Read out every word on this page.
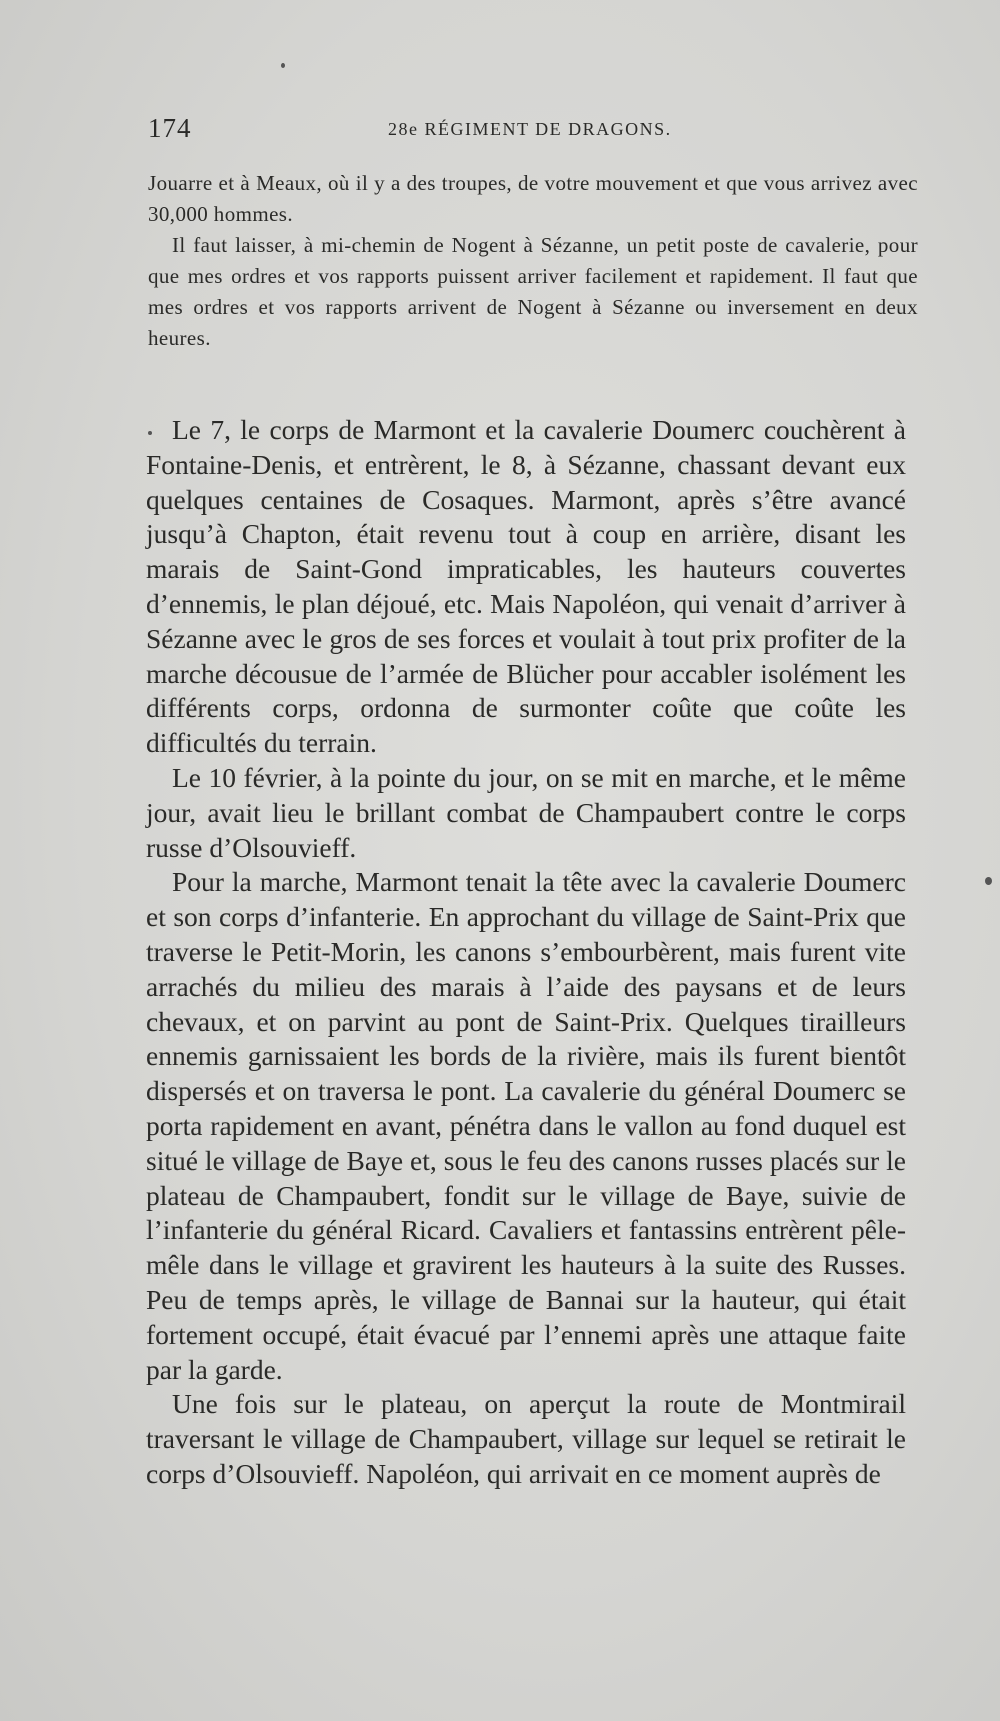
174	28e RÉGIMENT DE DRAGONS.

Jouarre et à Meaux, où il y a des troupes, de votre mouvement et que vous arrivez avec 30,000 hommes.

Il faut laisser, à mi-chemin de Nogent à Sézanne, un petit poste de cavalerie, pour que mes ordres et vos rapports puissent arriver facilement et rapidement. Il faut que mes ordres et vos rapports arrivent de Nogent à Sézanne ou inversement en deux heures.

Le 7, le corps de Marmont et la cavalerie Doumerc couchèrent à Fontaine-Denis, et entrèrent, le 8, à Sézanne, chassant devant eux quelques centaines de Cosaques. Marmont, après s’être avancé jusqu’à Chapton, était revenu tout à coup en arrière, disant les marais de Saint-Gond impraticables, les hauteurs couvertes d’ennemis, le plan déjoué, etc. Mais Napoléon, qui venait d’arriver à Sézanne avec le gros de ses forces et voulait à tout prix profiter de la marche décousue de l’armée de Blücher pour accabler isolément les différents corps, ordonna de surmonter coûte que coûte les difficultés du terrain.

Le 10 février, à la pointe du jour, on se mit en marche, et le même jour, avait lieu le brillant combat de Champaubert contre le corps russe d’Olsouvieff.

Pour la marche, Marmont tenait la tête avec la cavalerie Doumerc et son corps d’infanterie. En approchant du village de Saint-Prix que traverse le Petit-Morin, les canons s’embourbèrent, mais furent vite arrachés du milieu des marais à l’aide des paysans et de leurs chevaux, et on parvint au pont de Saint-Prix. Quelques tirailleurs ennemis garnissaient les bords de la rivière, mais ils furent bientôt dispersés et on traversa le pont. La cavalerie du général Doumerc se porta rapidement en avant, pénétra dans le vallon au fond duquel est situé le village de Baye et, sous le feu des canons russes placés sur le plateau de Champaubert, fondit sur le village de Baye, suivie de l’infanterie du général Ricard. Cavaliers et fantassins entrèrent pêle-mêle dans le village et gravirent les hauteurs à la suite des Russes. Peu de temps après, le village de Bannai sur la hauteur, qui était fortement occupé, était évacué par l’ennemi après une attaque faite par la garde.

Une fois sur le plateau, on aperçut la route de Montmirail traversant le village de Champaubert, village sur lequel se retirait le corps d’Olsouvieff. Napoléon, qui arrivait en ce moment auprès de
